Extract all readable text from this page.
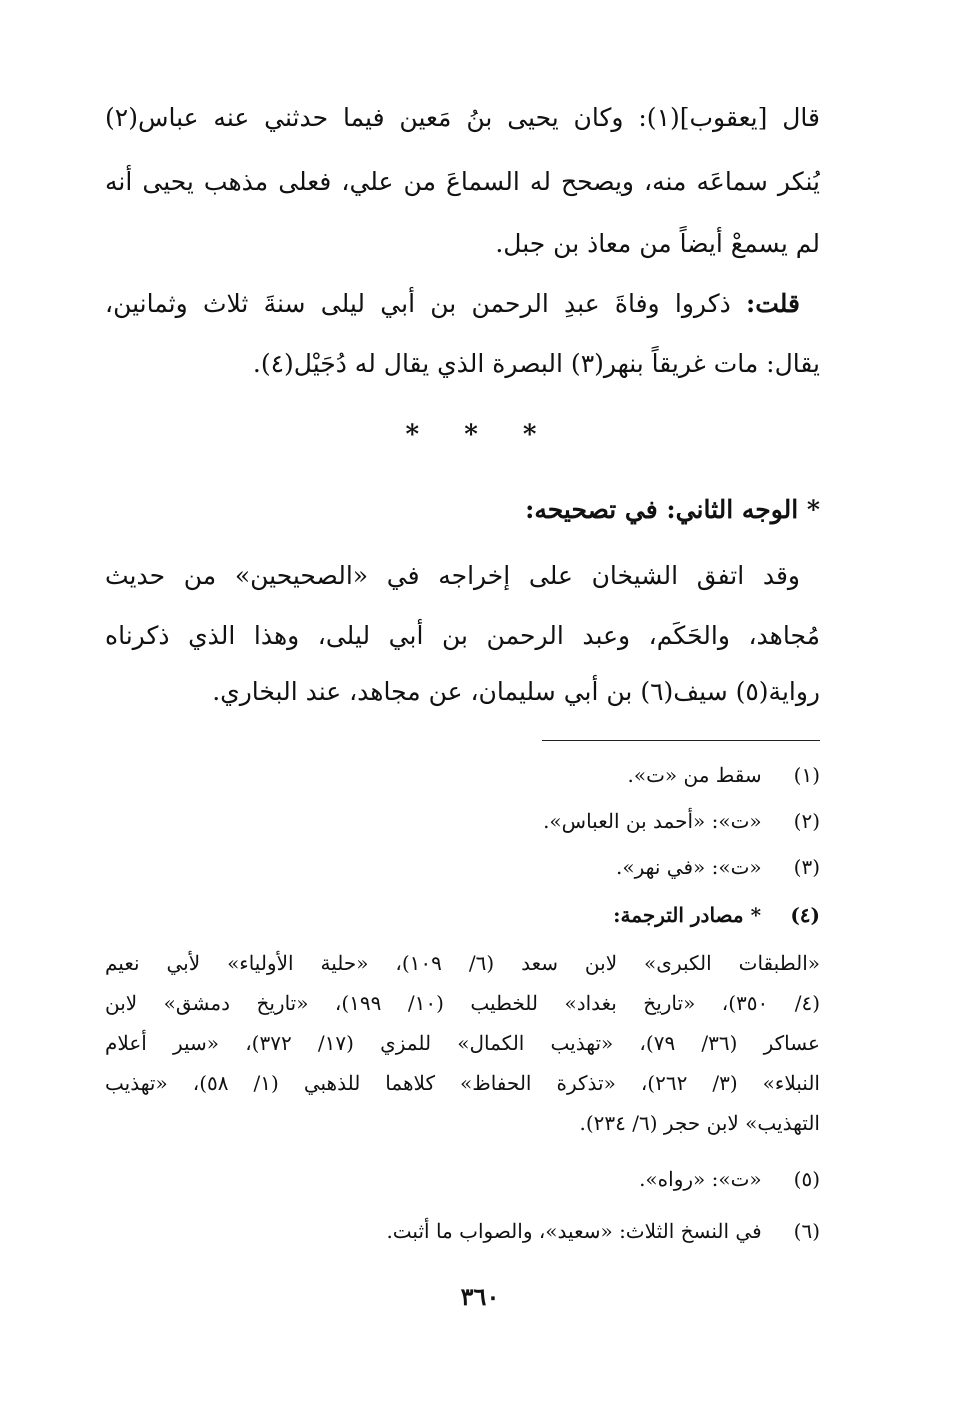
قال [يعقوب](١): وكان يحيى بنُ مَعين فيما حدثني عنه عباس(٢)
يُنكر سماعَه منه، ويصحح له السماعَ من علي، فعلى مذهب يحيى أنه
لم يسمعْ أيضاً من معاذ بن جبل.
قلت: ذكروا وفاةَ عبدِ الرحمن بن أبي ليلى سنةَ ثلاث وثمانين،
يقال: مات غريقاً بنهر(٣) البصرة الذي يقال له دُجَيْل(٤).
* * *
* الوجه الثاني: في تصحيحه:
وقد اتفق الشيخان على إخراجه في «الصحيحين» من حديث
مُجاهد، والحَكَم، وعبد الرحمن بن أبي ليلى، وهذا الذي ذكرناه
رواية(٥) سيف(٦) بن أبي سليمان، عن مجاهد، عند البخاري.
(١) سقط من «ت».
(٢) «ت»: «أحمد بن العباس».
(٣) «ت»: «في نهر».
(٤) * مصادر الترجمة:
«الطبقات الكبرى» لابن سعد (٦/ ١٠٩)، «حلية الأولياء» لأبي نعيم
(٤/ ٣٥٠)، «تاريخ بغداد» للخطيب (١٠/ ١٩٩)، «تاريخ دمشق» لابن
عساكر (٣٦/ ٧٩)، «تهذيب الكمال» للمزي (١٧/ ٣٧٢)، «سير أعلام
النبلاء» (٣/ ٢٦٢)، «تذكرة الحفاظ» كلاهما للذهبي (١/ ٥٨)، «تهذيب
التهذيب» لابن حجر (٦/ ٢٣٤).
(٥) «ت»: «رواه».
(٦) في النسخ الثلاث: «سعيد»، والصواب ما أثبت.
٣٦٠
